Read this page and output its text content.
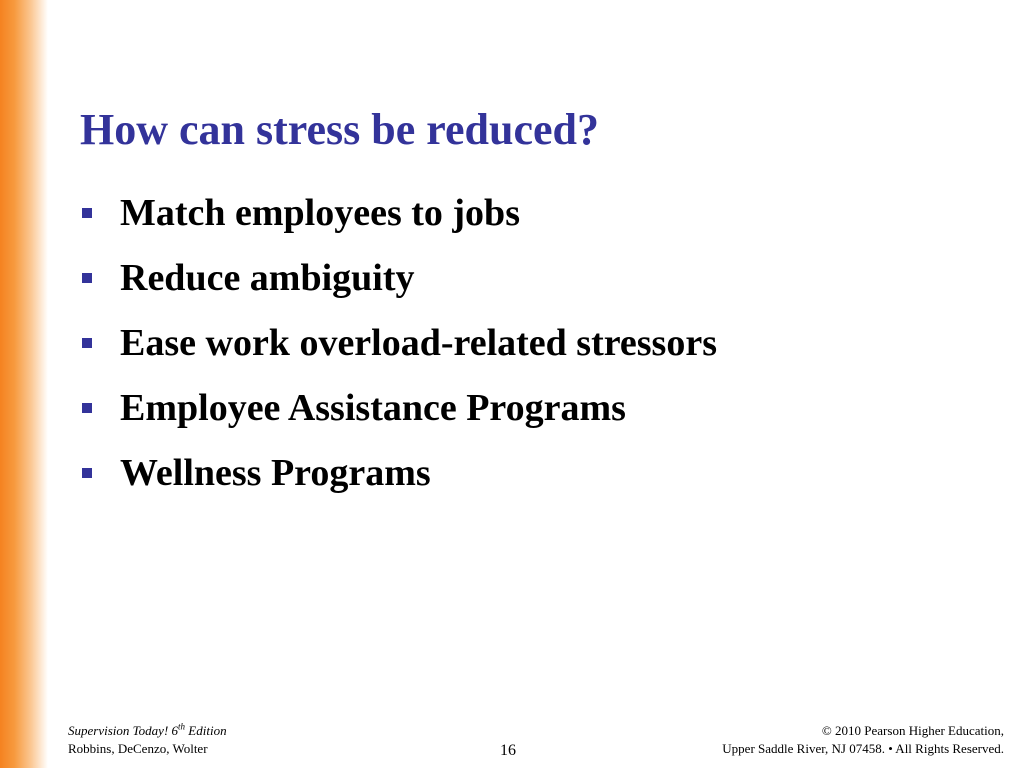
How can stress be reduced?
Match employees to jobs
Reduce ambiguity
Ease work overload-related stressors
Employee Assistance Programs
Wellness Programs
Supervision Today! 6th Edition
Robbins, DeCenzo, Wolter	16
© 2010 Pearson Higher Education,
Upper Saddle River, NJ 07458. • All Rights Reserved.
